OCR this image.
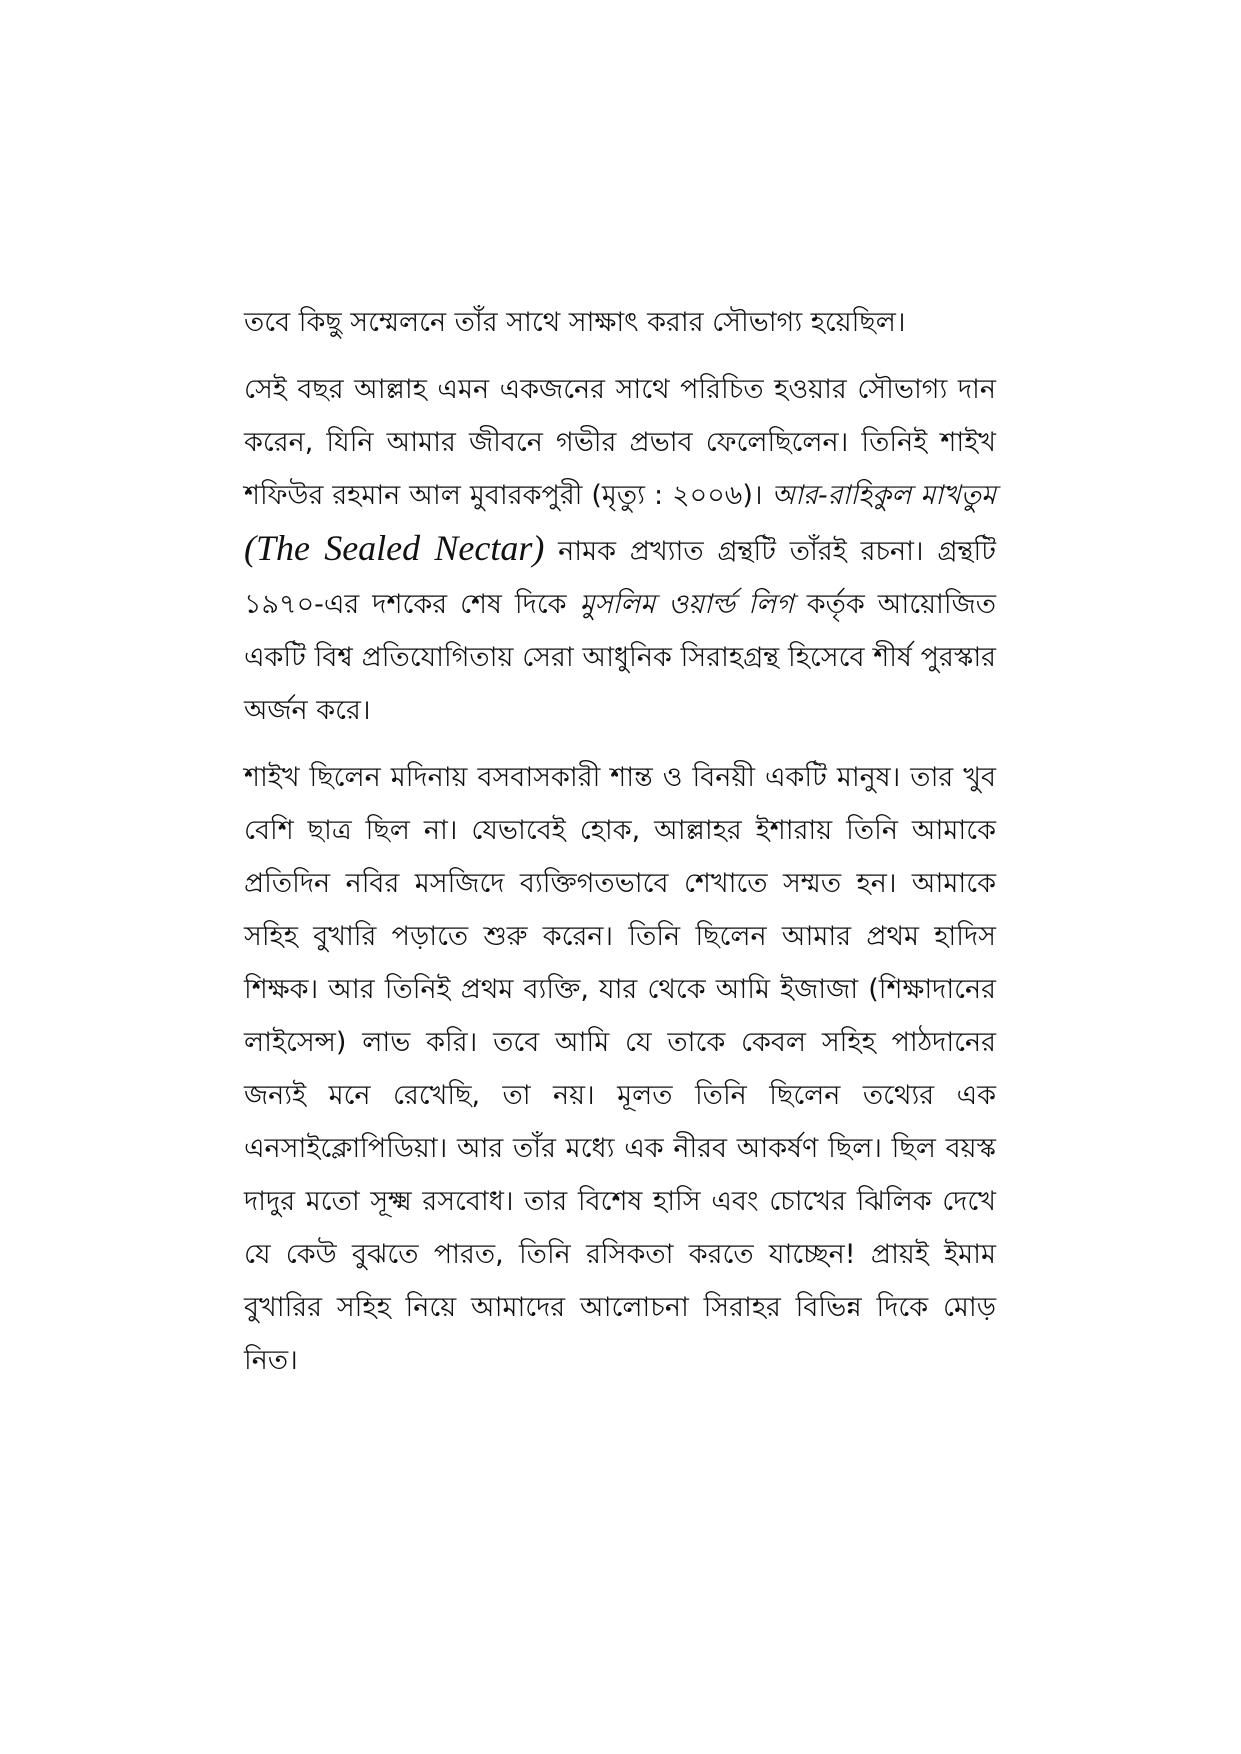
তবে কিছু সম্মেলনে তাঁর সাথে সাক্ষাৎ করার সৌভাগ্য হয়েছিল।

সেই বছর আল্লাহ এমন একজনের সাথে পরিচিত হওয়ার সৌভাগ্য দান করেন, যিনি আমার জীবনে গভীর প্রভাব ফেলেছিলেন। তিনিই শাইখ শফিউর রহমান আল মুবারকপুরী (মৃত্যু : ২০০৬)। আর-রাহিকুল মাখতুম (The Sealed Nectar) নামক প্রখ্যাত গ্রন্থটি তাঁরই রচনা। গ্রন্থটি ১৯৭০-এর দশকের শেষ দিকে মুসলিম ওয়ার্ল্ড লিগ কর্তৃক আয়োজিত একটি বিশ্ব প্রতিযোগিতায় সেরা আধুনিক সিরাহগ্রন্থ হিসেবে শীর্ষ পুরস্কার অর্জন করে।

শাইখ ছিলেন মদিনায় বসবাসকারী শান্ত ও বিনয়ী একটি মানুষ। তার খুব বেশি ছাত্র ছিল না। যেভাবেই হোক, আল্লাহর ইশারায় তিনি আমাকে প্রতিদিন নবির মসজিদে ব্যক্তিগতভাবে শেখাতে সম্মত হন। আমাকে সহিহ বুখারি পড়াতে শুরু করেন। তিনি ছিলেন আমার প্রথম হাদিস শিক্ষক। আর তিনিই প্রথম ব্যক্তি, যার থেকে আমি ইজাজা (শিক্ষাদানের লাইসেন্স) লাভ করি। তবে আমি যে তাকে কেবল সহিহ পাঠদানের জন্যই মনে রেখেছি, তা নয়। মূলত তিনি ছিলেন তথ্যের এক এনসাইক্লোপিডিয়া। আর তাঁর মধ্যে এক নীরব আকর্ষণ ছিল। ছিল বয়স্ক দাদুর মতো সূক্ষ্ম রসবোধ। তার বিশেষ হাসি এবং চোখের ঝিলিক দেখে যে কেউ বুঝতে পারত, তিনি রসিকতা করতে যাচ্ছেন! প্রায়ই ইমাম বুখারির সহিহ নিয়ে আমাদের আলোচনা সিরাহর বিভিন্ন দিকে মোড় নিত।
